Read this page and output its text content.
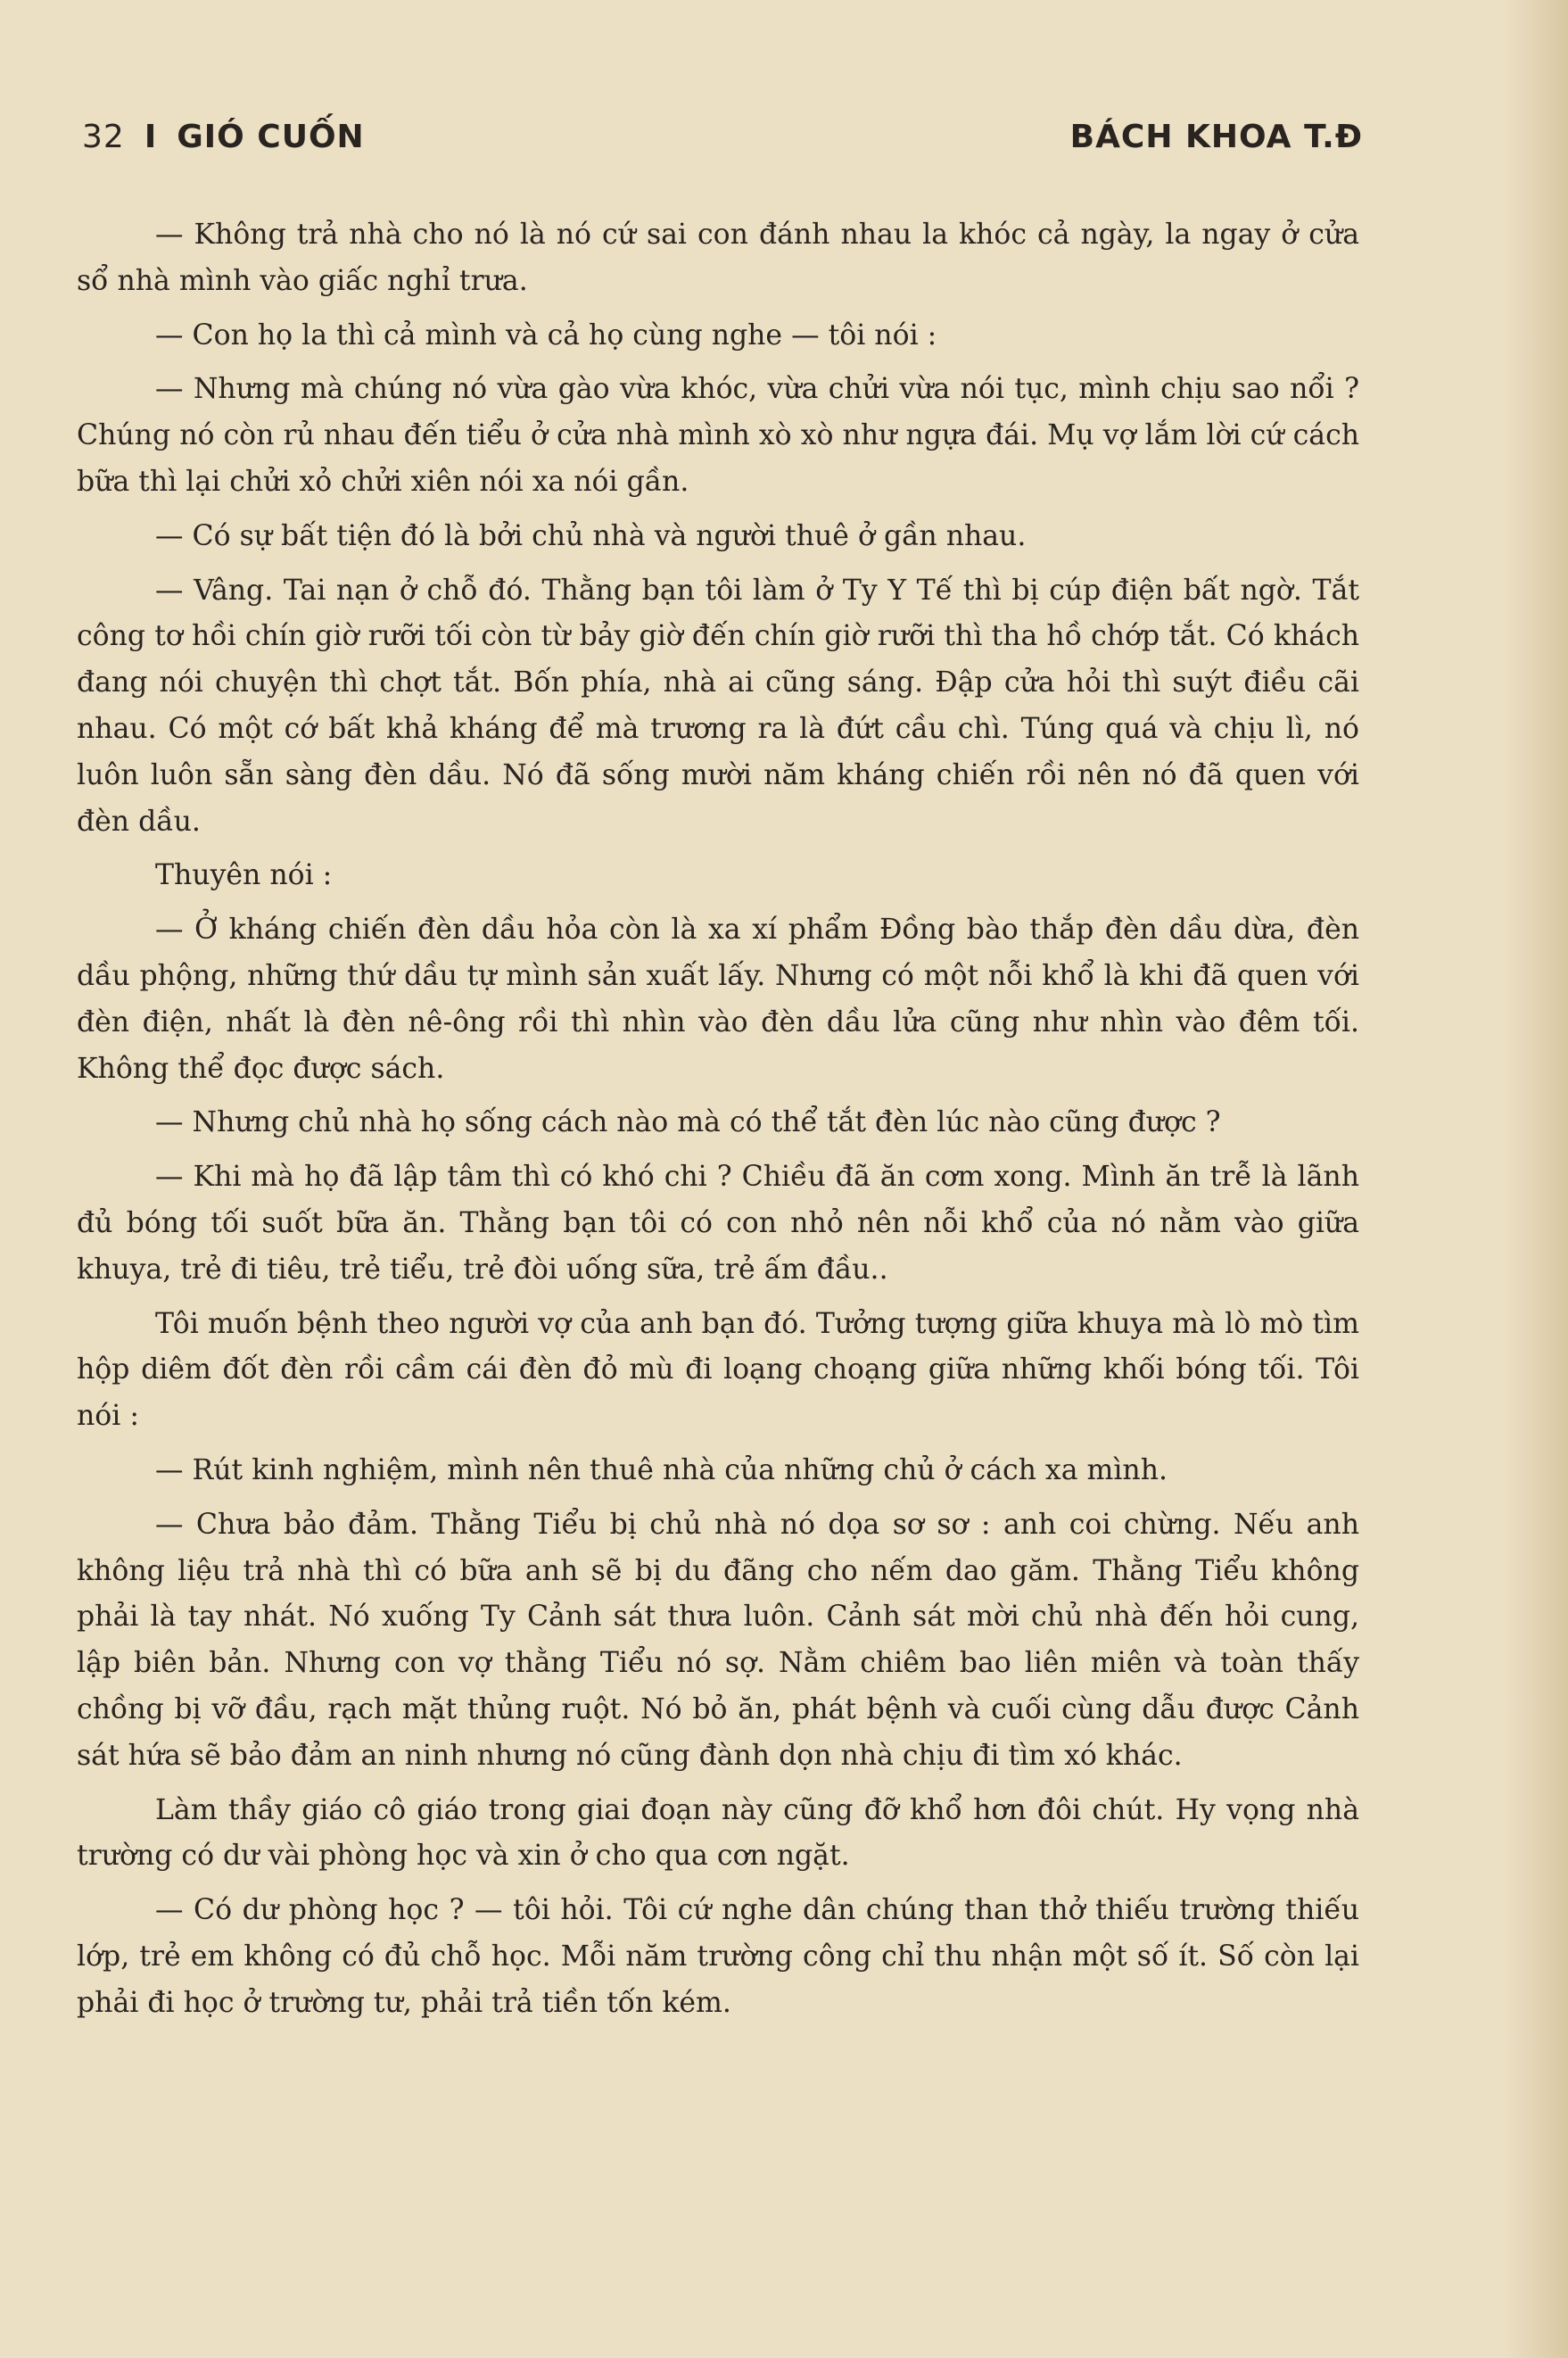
32 I GIÓ CUỐN	BÁCH KHOA T.Đ

— Không trả nhà cho nó là nó cứ sai con đánh nhau la khóc cả ngày, la ngay ở cửa sổ nhà mình vào giấc nghỉ trưa.

— Con họ la thì cả mình và cả họ cùng nghe — tôi nói :

— Nhưng mà chúng nó vừa gào vừa khóc, vừa chửi vừa nói tục, mình chịu sao nổi ? Chúng nó còn rủ nhau đến tiểu ở cửa nhà mình xò xò như ngựa đái. Mụ vợ lắm lời cứ cách bữa thì lại chửi xỏ chửi xiên nói xa nói gần.

— Có sự bất tiện đó là bởi chủ nhà và người thuê ở gần nhau.

— Vâng. Tai nạn ở chỗ đó. Thằng bạn tôi làm ở Ty Y Tế thì bị cúp điện bất ngờ. Tắt công tơ hồi chín giờ rưỡi tối còn từ bảy giờ đến chín giờ rưỡi thì tha hồ chớp tắt. Có khách đang nói chuyện thì chợt tắt. Bốn phía, nhà ai cũng sáng. Đập cửa hỏi thì suýt điều cãi nhau. Có một cớ bất khả kháng để mà trương ra là đứt cầu chì. Túng quá và chịu lì, nó luôn luôn sẵn sàng đèn dầu. Nó đã sống mười năm kháng chiến rồi nên nó đã quen với đèn dầu.

Thuyên nói :

— Ở kháng chiến đèn dầu hỏa còn là xa xí phẩm Đồng bào thắp đèn dầu dừa, đèn dầu phộng, những thứ dầu tự mình sản xuất lấy. Nhưng có một nỗi khổ là khi đã quen với đèn điện, nhất là đèn nê-ông rồi thì nhìn vào đèn dầu lửa cũng như nhìn vào đêm tối. Không thể đọc được sách.

— Nhưng chủ nhà họ sống cách nào mà có thể tắt đèn lúc nào cũng được ?

— Khi mà họ đã lập tâm thì có khó chi ? Chiều đã ăn cơm xong. Mình ăn trễ là lãnh đủ bóng tối suốt bữa ăn. Thằng bạn tôi có con nhỏ nên nỗi khổ của nó nằm vào giữa khuya, trẻ đi tiêu, trẻ tiểu, trẻ đòi uống sữa, trẻ ấm đầu..

Tôi muốn bệnh theo người vợ của anh bạn đó. Tưởng tượng giữa khuya mà lò mò tìm hộp diêm đốt đèn rồi cầm cái đèn đỏ mù đi loạng choạng giữa những khối bóng tối. Tôi nói :

— Rút kinh nghiệm, mình nên thuê nhà của những chủ ở cách xa mình.

— Chưa bảo đảm. Thằng Tiểu bị chủ nhà nó dọa sơ sơ : anh coi chừng. Nếu anh không liệu trả nhà thì có bữa anh sẽ bị du đãng cho nếm dao găm. Thằng Tiểu không phải là tay nhát. Nó xuống Ty Cảnh sát thưa luôn. Cảnh sát mời chủ nhà đến hỏi cung, lập biên bản. Nhưng con vợ thằng Tiểu nó sợ. Nằm chiêm bao liên miên và toàn thấy chồng bị vỡ đầu, rạch mặt thủng ruột. Nó bỏ ăn, phát bệnh và cuối cùng dẫu được Cảnh sát hứa sẽ bảo đảm an ninh nhưng nó cũng đành dọn nhà chịu đi tìm xó khác.

Làm thầy giáo cô giáo trong giai đoạn này cũng đỡ khổ hơn đôi chút. Hy vọng nhà trường có dư vài phòng học và xin ở cho qua cơn ngặt.

— Có dư phòng học ? — tôi hỏi. Tôi cứ nghe dân chúng than thở thiếu trường thiếu lớp, trẻ em không có đủ chỗ học. Mỗi năm trường công chỉ thu nhận một số ít. Số còn lại phải đi học ở trường tư, phải trả tiền tốn kém.
